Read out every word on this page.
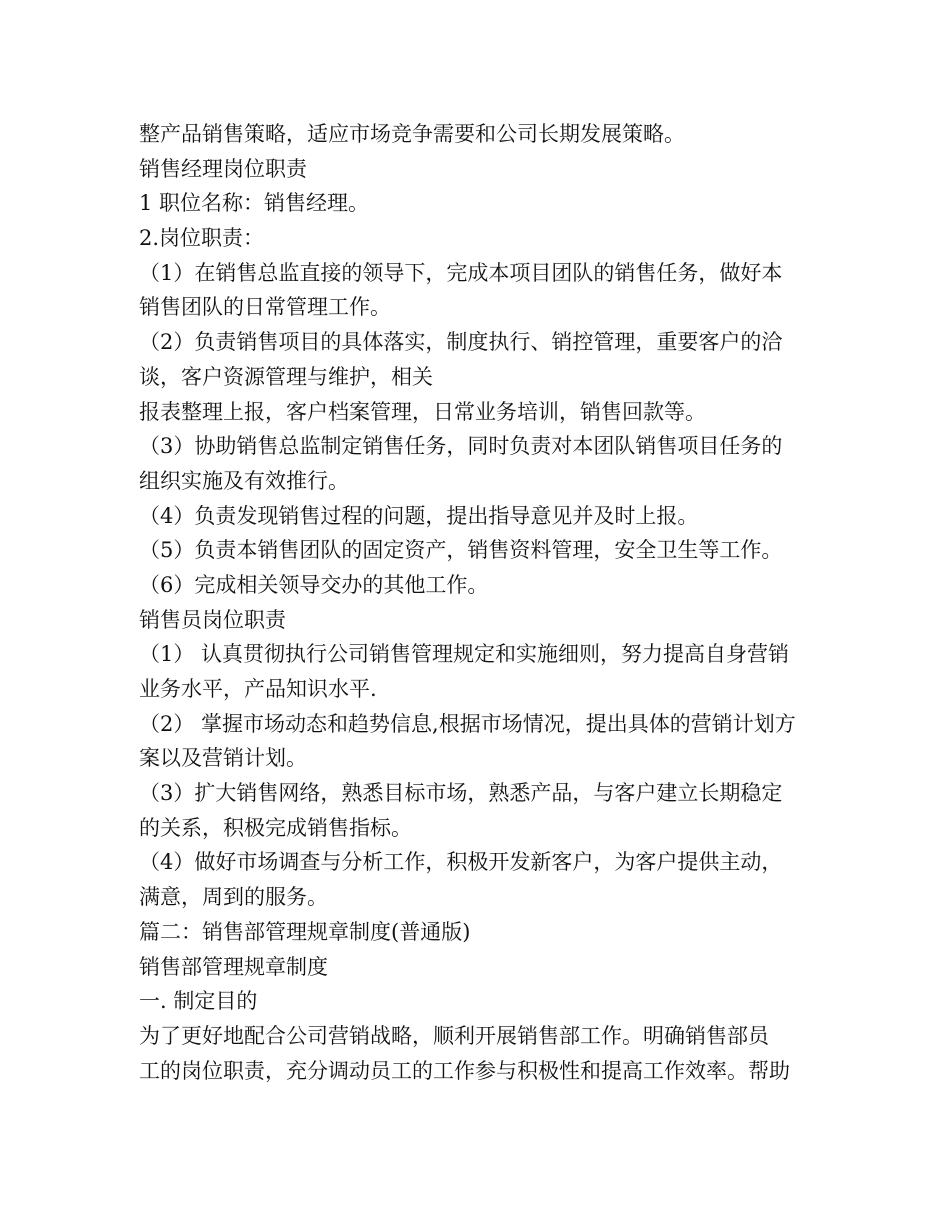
整产品销售策略，适应市场竞争需要和公司长期发展策略。
销售经理岗位职责
1 职位名称：销售经理。
2.岗位职责：
（1）在销售总监直接的领导下，完成本项目团队的销售任务，做好本
销售团队的日常管理工作。
（2）负责销售项目的具体落实，制度执行、销控管理，重要客户的洽
谈，客户资源管理与维护，相关
报表整理上报，客户档案管理，日常业务培训，销售回款等。
（3）协助销售总监制定销售任务，同时负责对本团队销售项目任务的
组织实施及有效推行。
（4）负责发现销售过程的问题，提出指导意见并及时上报。
（5）负责本销售团队的固定资产，销售资料管理，安全卫生等工作。
（6）完成相关领导交办的其他工作。
销售员岗位职责
（1） 认真贯彻执行公司销售管理规定和实施细则，努力提高自身营销
业务水平，产品知识水平.
（2） 掌握市场动态和趋势信息,根据市场情况，提出具体的营销计划方
案以及营销计划。
（3）扩大销售网络，熟悉目标市场，熟悉产品，与客户建立长期稳定
的关系，积极完成销售指标。
（4）做好市场调查与分析工作，积极开发新客户，为客户提供主动，
满意，周到的服务。
篇二：销售部管理规章制度(普通版)
销售部管理规章制度
一. 制定目的
为了更好地配合公司营销战略，顺利开展销售部工作。明确销售部员
工的岗位职责，充分调动员工的工作参与积极性和提高工作效率。帮助
